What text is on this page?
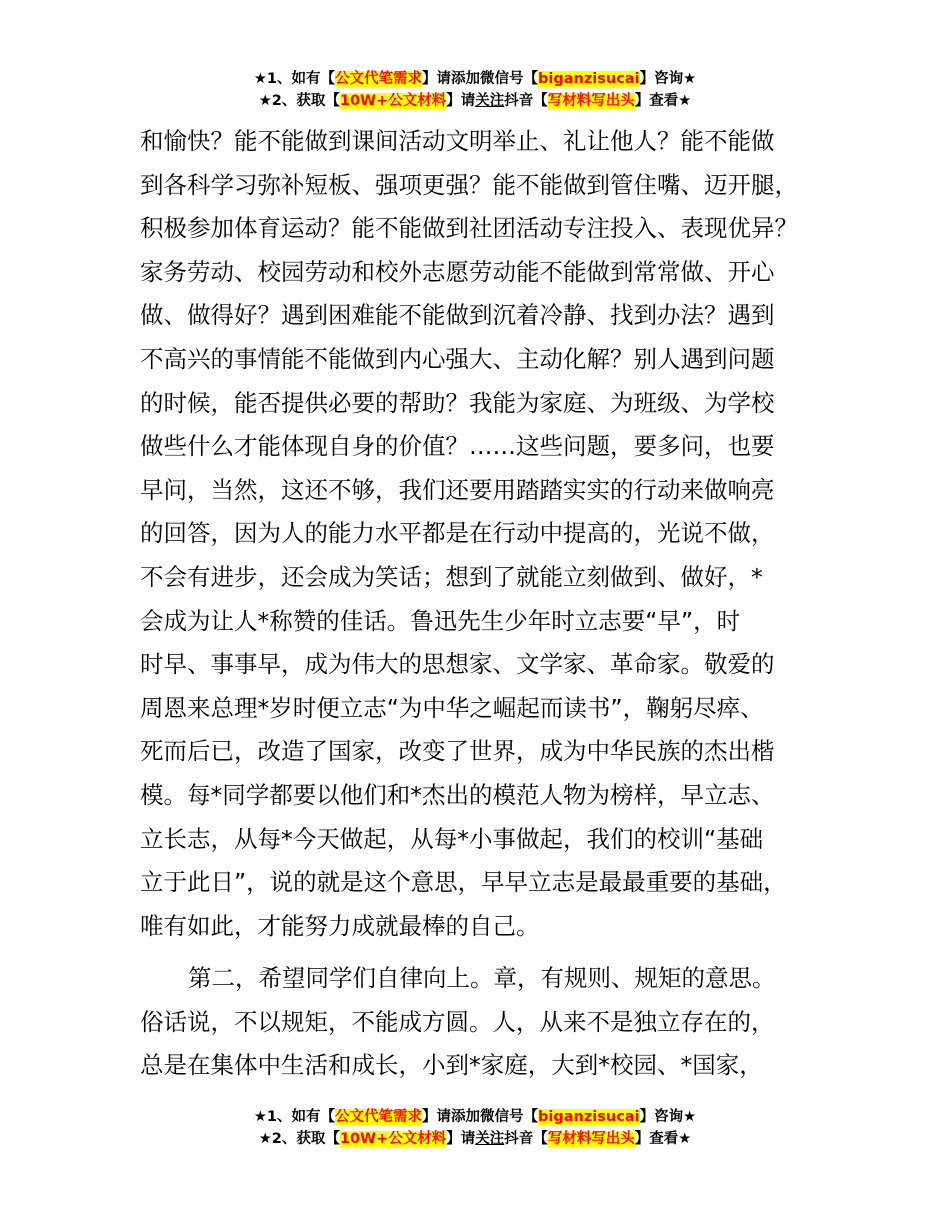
★1、如有【公文代笔需求】请添加微信号【biganzisucai】咨询★
★2、获取【10W+公文材料】请关注抖音【写材料写出头】查看★
和愉快？能不能做到课间活动文明举止、礼让他人？能不能做
到各科学习弥补短板、强项更强？能不能做到管住嘴、迈开腿，
积极参加体育运动？能不能做到社团活动专注投入、表现优异？
家务劳动、校园劳动和校外志愿劳动能不能做到常常做、开心
做、做得好？遇到困难能不能做到沉着冷静、找到办法？遇到
不高兴的事情能不能做到内心强大、主动化解？别人遇到问题
的时候，能否提供必要的帮助？我能为家庭、为班级、为学校
做些什么才能体现自身的价值？……这些问题，要多问，也要
早问，当然，这还不够，我们还要用踏踏实实的行动来做响亮
的回答，因为人的能力水平都是在行动中提高的，光说不做，
不会有进步，还会成为笑话；想到了就能立刻做到、做好，*
会成为让人*称赞的佳话。鲁迅先生少年时立志要“早”，时
时早、事事早，成为伟大的思想家、文学家、革命家。敬爱的
周恩来总理*岁时便立志“为中华之崛起而读书”，鞠躬尽瘁、
死而后已，改造了国家，改变了世界，成为中华民族的杰出楷
模。每*同学都要以他们和*杰出的模范人物为榜样，早立志、
立长志，从每*今天做起，从每*小事做起，我们的校训“基础
立于此日”，说的就是这个意思，早早立志是最最重要的基础，
唯有如此，才能努力成就最棒的自己。
第二，希望同学们自律向上。章，有规则、规矩的意思。
俗话说，不以规矩，不能成方圆。人，从来不是独立存在的，
总是在集体中生活和成长，小到*家庭，大到*校园、*国家，
★1、如有【公文代笔需求】请添加微信号【biganzisucai】咨询★
★2、获取【10W+公文材料】请关注抖音【写材料写出头】查看★
